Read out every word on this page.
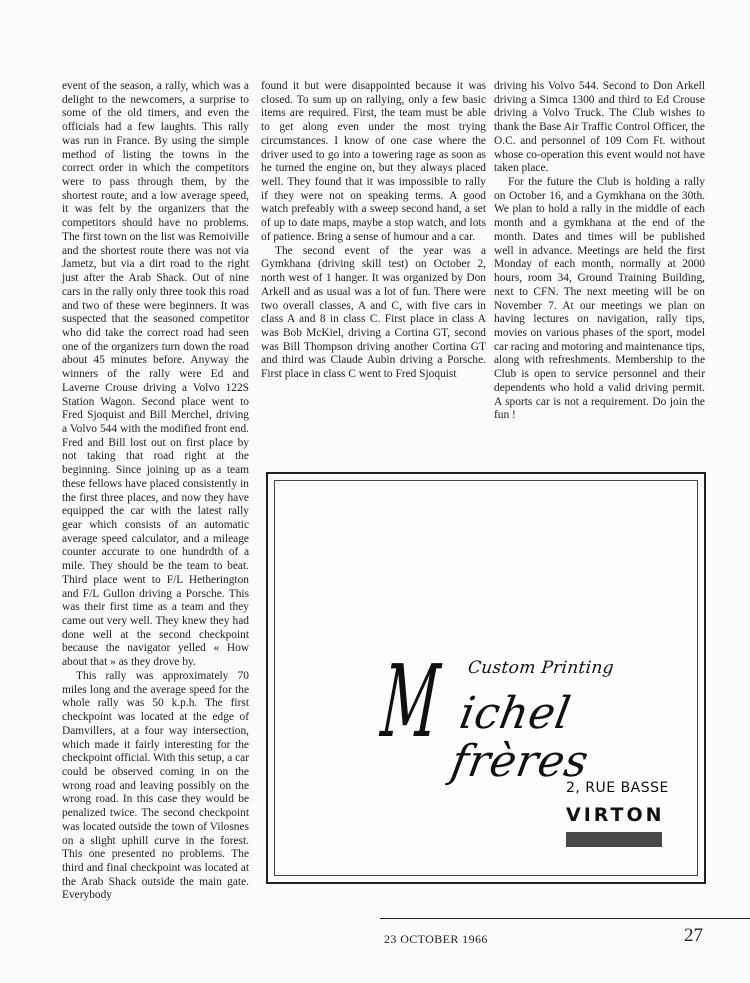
event of the season, a rally, which was a delight to the newcomers, a surprise to some of the old timers, and even the officials had a few laughts. This rally was run in France. By using the simple method of listing the towns in the correct order in which the competitors were to pass through them, by the shortest route, and a low average speed, it was felt by the organizers that the competitors should have no problems. The first town on the list was Remoiville and the shortest route there was not via Jametz, but via a dirt road to the right just after the Arab Shack. Out of nine cars in the rally only three took this road and two of these were beginners. It was suspected that the seasoned competitor who did take the correct road had seen one of the organizers turn down the road about 45 minutes before. Anyway the winners of the rally were Ed and Laverne Crouse driving a Volvo 122S Station Wagon. Second place went to Fred Sjoquist and Bill Merchel, driving a Volvo 544 with the modified front end. Fred and Bill lost out on first place by not taking that road right at the beginning. Since joining up as a team these fellows have placed consistently in the first three places, and now they have equipped the car with the latest rally gear which consists of an automatic average speed calculator, and a mileage counter accurate to one hundrdth of a mile. They should be the team to beat. Third place went to F/L Hetherington and F/L Gullon driving a Porsche. This was their first time as a team and they came out very well. They knew they had done well at the second checkpoint because the navigator yelled « How about that » as they drove by.

This rally was approximately 70 miles long and the average speed for the whole rally was 50 k.p.h. The first checkpoint was located at the edge of Damvillers, at a four way intersection, which made it fairly interesting for the checkpoint official. With this setup, a car could be observed coming in on the wrong road and leaving possibly on the wrong road. In this case they would be penalized twice. The second checkpoint was located outside the town of Vilosnes on a slight uphill curve in the forest. This one presented no problems. The third and final checkpoint was located at the Arab Shack outside the main gate. Everybody

found it but were disappointed because it was closed. To sum up on rallying, only a few basic items are required. First, the team must be able to get along even under the most trying circumstances. I know of one case where the driver used to go into a towering rage as soon as he turned the engine on, but they always placed well. They found that it was impossible to rally if they were not on speaking terms. A good watch prefeably with a sweep second hand, a set of up to date maps, maybe a stop watch, and lots of patience. Bring a sense of humour and a car.

The second event of the year was a Gymkhana (driving skill test) on October 2, north west of 1 hanger. It was organized by Don Arkell and as usual was a lot of fun. There were two overall classes, A and C, with five cars in class A and 8 in class C. First place in class A was Bob McKiel, driving a Cortina GT, second was Bill Thompson driving another Cortina GT and third was Claude Aubin driving a Porsche. First place in class C went to Fred Sjoquist

driving his Volvo 544. Second to Don Arkell driving a Simca 1300 and third to Ed Crouse driving a Volvo Truck. The Club wishes to thank the Base Air Traffic Control Officer, the O.C. and personnel of 109 Com Ft. without whose co-operation this event would not have taken place.

For the future the Club is holding a rally on October 16, and a Gymkhana on the 30th. We plan to hold a rally in the middle of each month and a gymkhana at the end of the month. Dates and times will be published well in advance. Meetings are held the first Monday of each month, normally at 2000 hours, room 34, Ground Training Building, next to CFN. The next meeting will be on November 7. At our meetings we plan on having lectures on navigation, rally tips, movies on various phases of the sport, model car racing and motoring and maintenance tips, along with refreshments. Membership to the Club is open to service personnel and their dependents who hold a valid driving permit. A sports car is not a requirement. Do join the fun !

Custom Printing
M ichel frères
2, RUE BASSE
VIRTON
23 OCTOBER 1966	27
